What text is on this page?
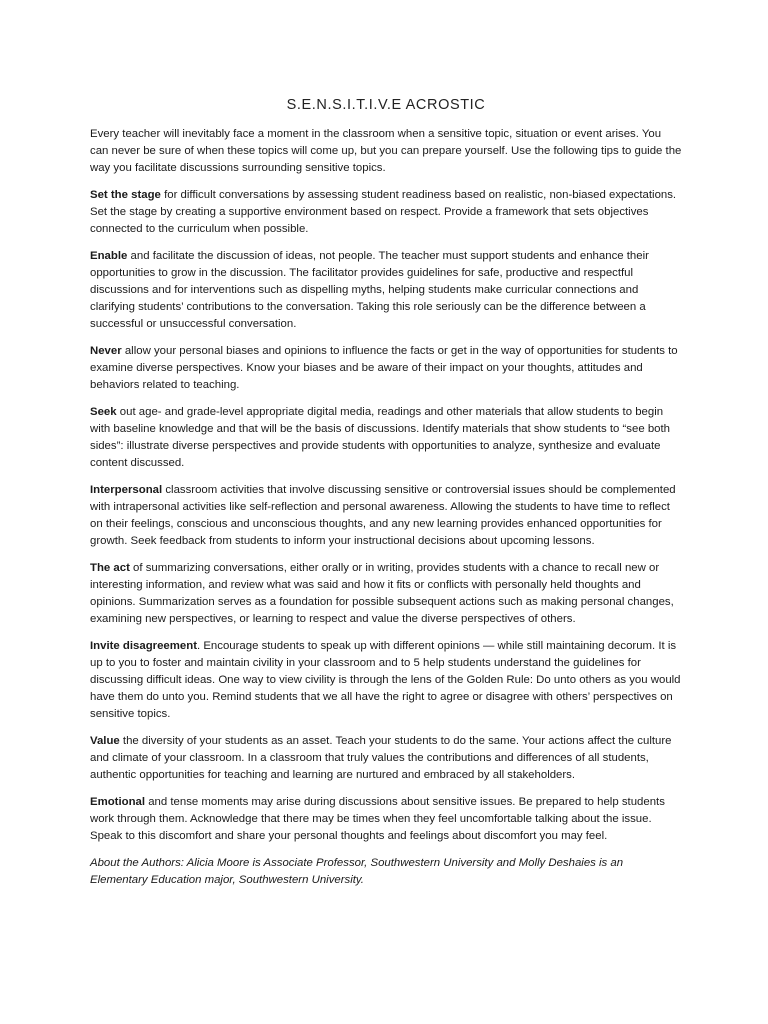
S.E.N.S.I.T.I.V.E ACROSTIC

Every teacher will inevitably face a moment in the classroom when a sensitive topic, situation or event arises. You can never be sure of when these topics will come up, but you can prepare yourself. Use the following tips to guide the way you facilitate discussions surrounding sensitive topics.

Set the stage for difficult conversations by assessing student readiness based on realistic, non-biased expectations. Set the stage by creating a supportive environment based on respect. Provide a framework that sets objectives connected to the curriculum when possible.

Enable and facilitate the discussion of ideas, not people. The teacher must support students and enhance their opportunities to grow in the discussion. The facilitator provides guidelines for safe, productive and respectful discussions and for interventions such as dispelling myths, helping students make curricular connections and clarifying students’ contributions to the conversation. Taking this role seriously can be the difference between a successful or unsuccessful conversation.

Never allow your personal biases and opinions to influence the facts or get in the way of opportunities for students to examine diverse perspectives. Know your biases and be aware of their impact on your thoughts, attitudes and behaviors related to teaching.

Seek out age- and grade-level appropriate digital media, readings and other materials that allow students to begin with baseline knowledge and that will be the basis of discussions. Identify materials that show students to “see both sides”: illustrate diverse perspectives and provide students with opportunities to analyze, synthesize and evaluate content discussed.

Interpersonal classroom activities that involve discussing sensitive or controversial issues should be complemented with intrapersonal activities like self-reflection and personal awareness. Allowing the students to have time to reflect on their feelings, conscious and unconscious thoughts, and any new learning provides enhanced opportunities for growth. Seek feedback from students to inform your instructional decisions about upcoming lessons.

The act of summarizing conversations, either orally or in writing, provides students with a chance to recall new or interesting information, and review what was said and how it fits or conflicts with personally held thoughts and opinions. Summarization serves as a foundation for possible subsequent actions such as making personal changes, examining new perspectives, or learning to respect and value the diverse perspectives of others.

Invite disagreement. Encourage students to speak up with different opinions — while still maintaining decorum. It is up to you to foster and maintain civility in your classroom and to 5 help students understand the guidelines for discussing difficult ideas. One way to view civility is through the lens of the Golden Rule: Do unto others as you would have them do unto you. Remind students that we all have the right to agree or disagree with others’ perspectives on sensitive topics.

Value the diversity of your students as an asset. Teach your students to do the same. Your actions affect the culture and climate of your classroom. In a classroom that truly values the contributions and differences of all students, authentic opportunities for teaching and learning are nurtured and embraced by all stakeholders.

Emotional and tense moments may arise during discussions about sensitive issues. Be prepared to help students work through them. Acknowledge that there may be times when they feel uncomfortable talking about the issue. Speak to this discomfort and share your personal thoughts and feelings about discomfort you may feel.

About the Authors: Alicia Moore is Associate Professor, Southwestern University and Molly Deshaies is an Elementary Education major, Southwestern University.
